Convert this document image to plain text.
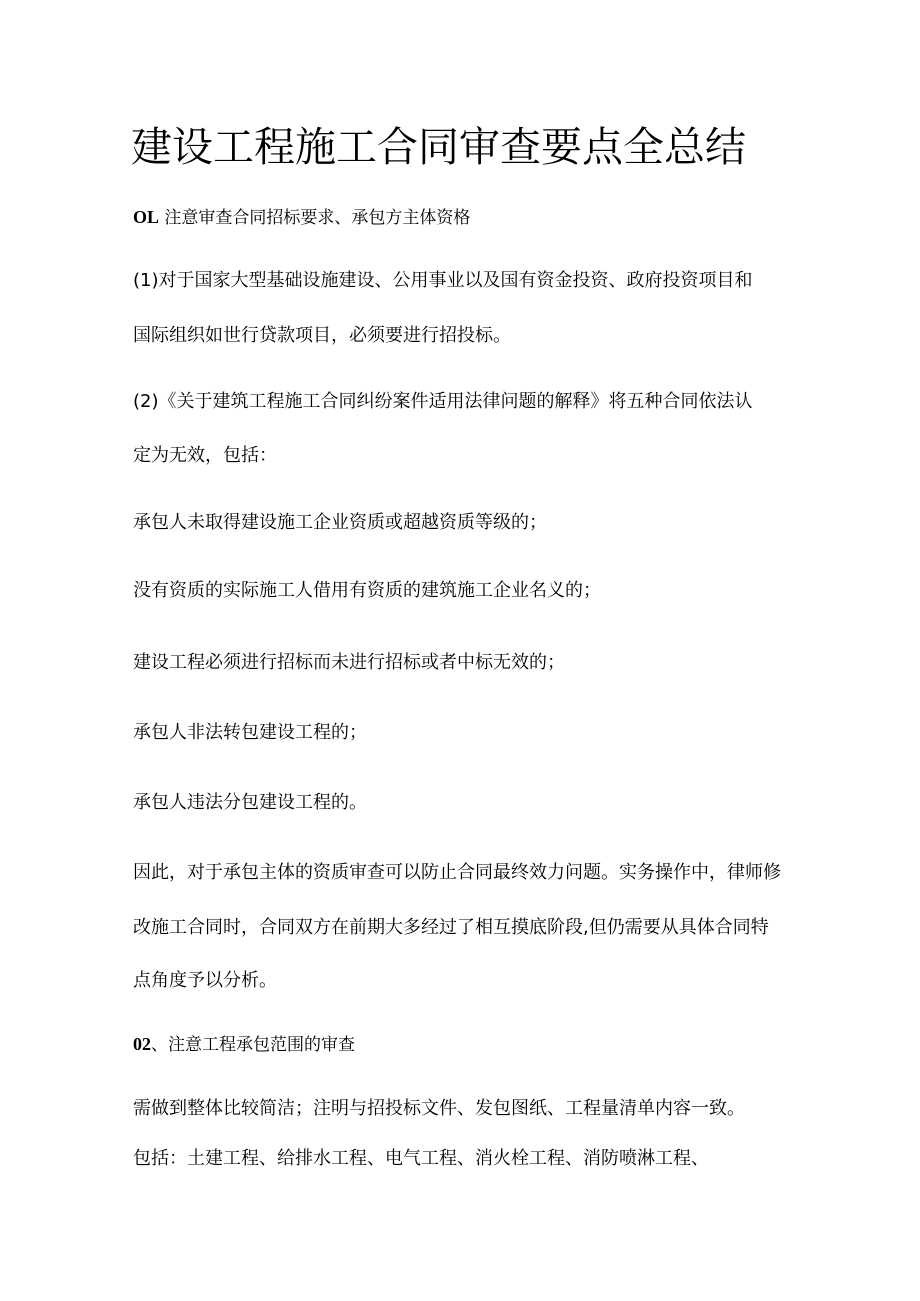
建设工程施工合同审查要点全总结
OL 注意审查合同招标要求、承包方主体资格
(1)对于国家大型基础设施建设、公用事业以及国有资金投资、政府投资项目和
国际组织如世行贷款项目，必须要进行招投标。
(2)《关于建筑工程施工合同纠纷案件适用法律问题的解释》将五种合同依法认
定为无效，包括：
承包人未取得建设施工企业资质或超越资质等级的；
没有资质的实际施工人借用有资质的建筑施工企业名义的；
建设工程必须进行招标而未进行招标或者中标无效的；
承包人非法转包建设工程的；
承包人违法分包建设工程的。
因此，对于承包主体的资质审查可以防止合同最终效力问题。实务操作中，律师修
改施工合同时，合同双方在前期大多经过了相互摸底阶段,但仍需要从具体合同特
点角度予以分析。
02、注意工程承包范围的审查
需做到整体比较简洁；注明与招投标文件、发包图纸、工程量清单内容一致。
包括：土建工程、给排水工程、电气工程、消火栓工程、消防喷淋工程、
